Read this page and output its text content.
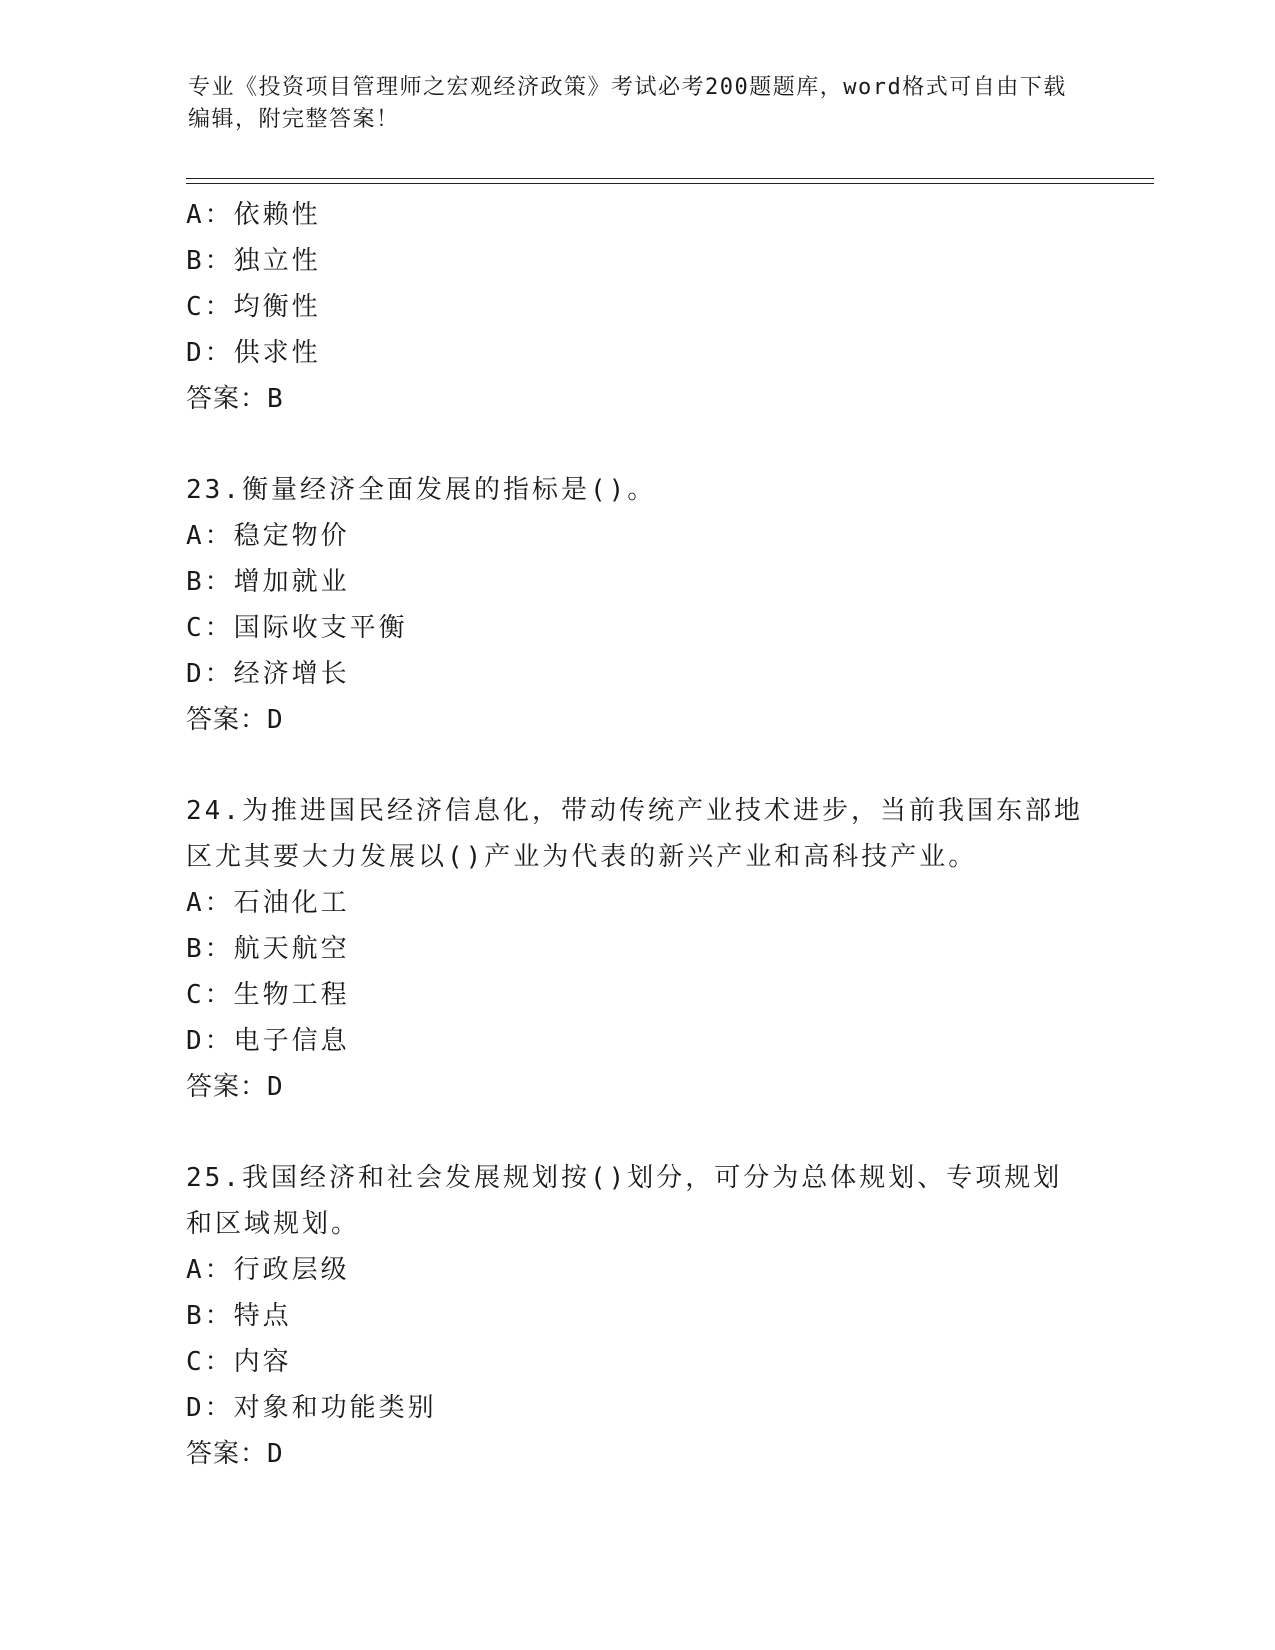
专业《投资项目管理师之宏观经济政策》考试必考200题题库，word格式可自由下载编辑，附完整答案！
A：依赖性
B：独立性
C：均衡性
D：供求性
答案：B
23.衡量经济全面发展的指标是()。
A：稳定物价
B：增加就业
C：国际收支平衡
D：经济增长
答案：D
24.为推进国民经济信息化，带动传统产业技术进步，当前我国东部地区尤其要大力发展以()产业为代表的新兴产业和高科技产业。
A：石油化工
B：航天航空
C：生物工程
D：电子信息
答案：D
25.我国经济和社会发展规划按()划分，可分为总体规划、专项规划和区域规划。
A：行政层级
B：特点
C：内容
D：对象和功能类别
答案：D
